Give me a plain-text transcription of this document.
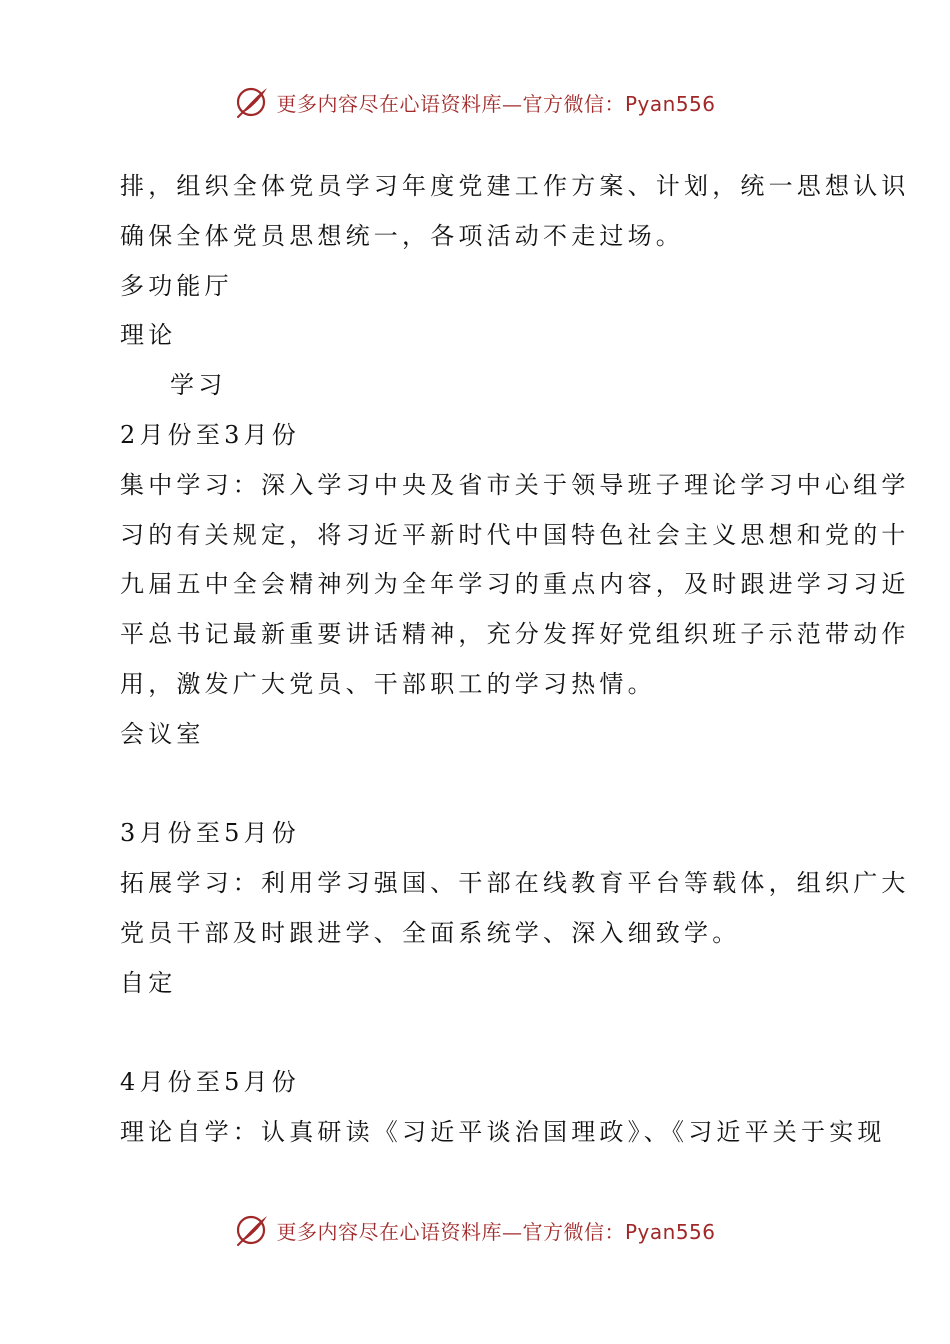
更多内容尽在心语资料库—官方微信：Pyan556
排，组织全体党员学习年度党建工作方案、计划，统一思想认识
确保全体党员思想统一，各项活动不走过场。
多功能厅
理论
学习
2月份至3月份
集中学习：深入学习中央及省市关于领导班子理论学习中心组学
习的有关规定，将习近平新时代中国特色社会主义思想和党的十
九届五中全会精神列为全年学习的重点内容，及时跟进学习习近
平总书记最新重要讲话精神，充分发挥好党组织班子示范带动作
用，激发广大党员、干部职工的学习热情。
会议室
3月份至5月份
拓展学习：利用学习强国、干部在线教育平台等载体，组织广大
党员干部及时跟进学、全面系统学、深入细致学。
自定
4月份至5月份
理论自学：认真研读《习近平谈治国理政》、《习近平关于实现
更多内容尽在心语资料库—官方微信：Pyan556
